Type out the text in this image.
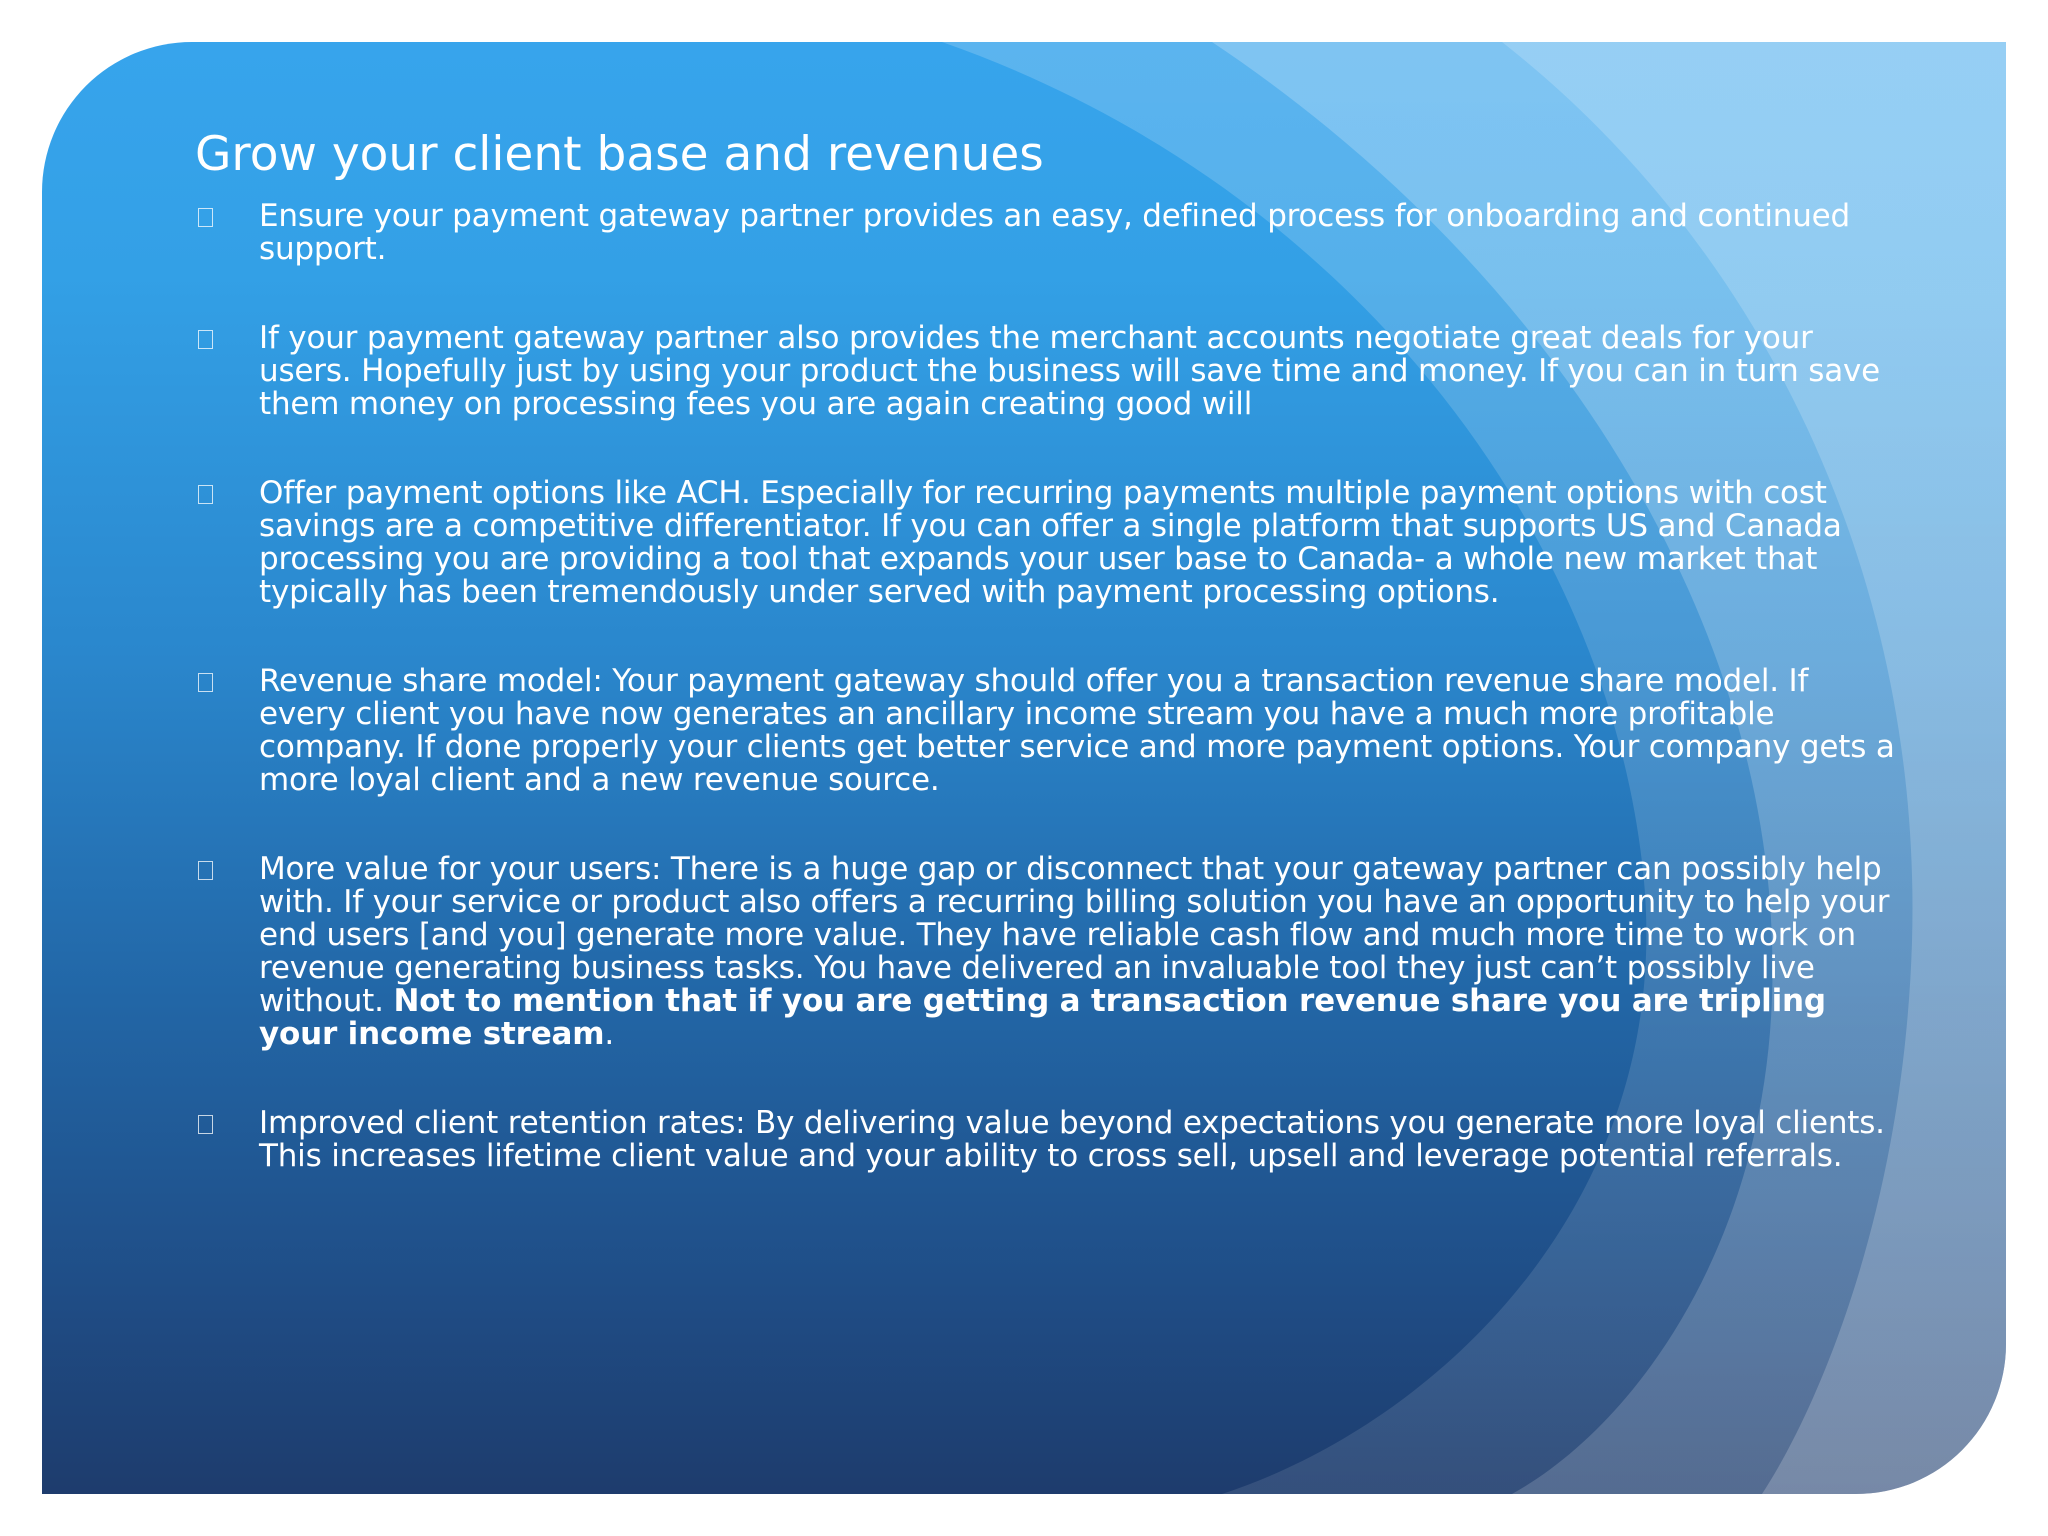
Grow your client base and revenues
Ensure your payment gateway partner provides an easy, defined process for onboarding and continued support.
If your payment gateway partner also provides the merchant accounts negotiate great deals for your users. Hopefully just by using your product the business will save time and money. If you can in turn save them money on processing fees you are again creating good will
Offer payment options like ACH. Especially for recurring payments multiple payment options with cost savings are a competitive differentiator. If you can offer a single platform that supports US and Canada processing you are providing a tool that expands your user base to Canada- a whole new market that typically has been tremendously under served with payment processing options.
Revenue share model: Your payment gateway should offer you a transaction revenue share model. If every client you have now generates an ancillary income stream you have a much more profitable company. If done properly your clients get better service and more payment options. Your company gets a more loyal client and a new revenue source.
More value for your users: There is a huge gap or disconnect that your gateway partner can possibly help with. If your service or product also offers a recurring billing solution you have an opportunity to help your end users [and you] generate more value. They have reliable cash flow and much more time to work on revenue generating business tasks. You have delivered an invaluable tool they just can’t possibly live without. Not to mention that if you are getting a transaction revenue share you are tripling your income stream.
Improved client retention rates: By delivering value beyond expectations you generate more loyal clients. This increases lifetime client value and your ability to cross sell, upsell and leverage potential referrals.
